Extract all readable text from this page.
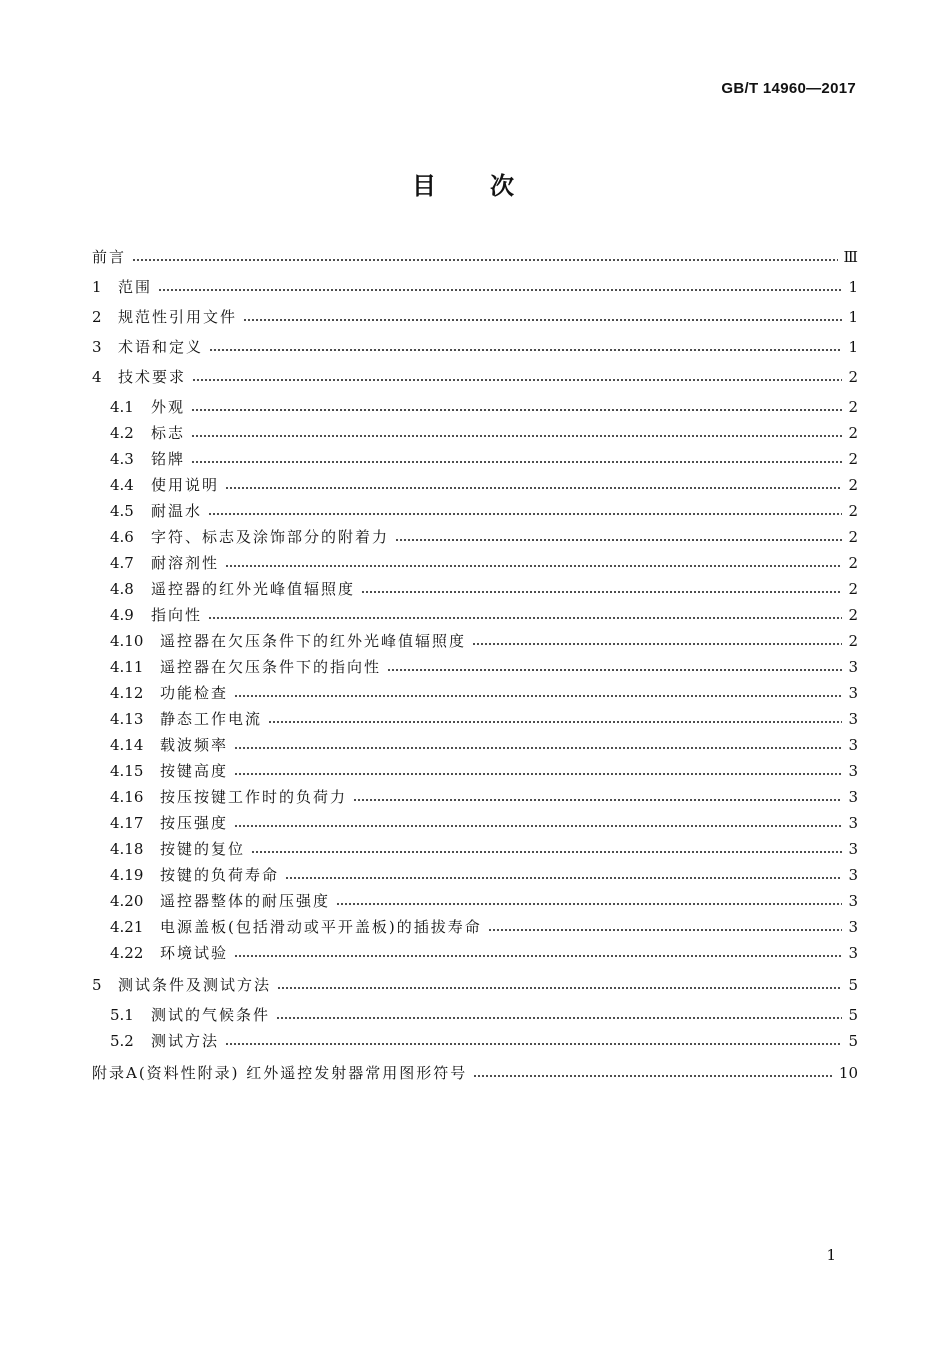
GB/T 14960—2017
目次
前言	Ⅲ
1	范围	1
2	规范性引用文件	1
3	术语和定义	1
4	技术要求	2
4.1	外观	2
4.2	标志	2
4.3	铭牌	2
4.4	使用说明	2
4.5	耐温水	2
4.6	字符、标志及涂饰部分的附着力	2
4.7	耐溶剂性	2
4.8	遥控器的红外光峰值辐照度	2
4.9	指向性	2
4.10	遥控器在欠压条件下的红外光峰值辐照度	2
4.11	遥控器在欠压条件下的指向性	3
4.12	功能检查	3
4.13	静态工作电流	3
4.14	载波频率	3
4.15	按键高度	3
4.16	按压按键工作时的负荷力	3
4.17	按压强度	3
4.18	按键的复位	3
4.19	按键的负荷寿命	3
4.20	遥控器整体的耐压强度	3
4.21	电源盖板(包括滑动或平开盖板)的插拔寿命	3
4.22	环境试验	3
5	测试条件及测试方法	5
5.1	测试的气候条件	5
5.2	测试方法	5
附录A(资料性附录) 红外遥控发射器常用图形符号	10
1
